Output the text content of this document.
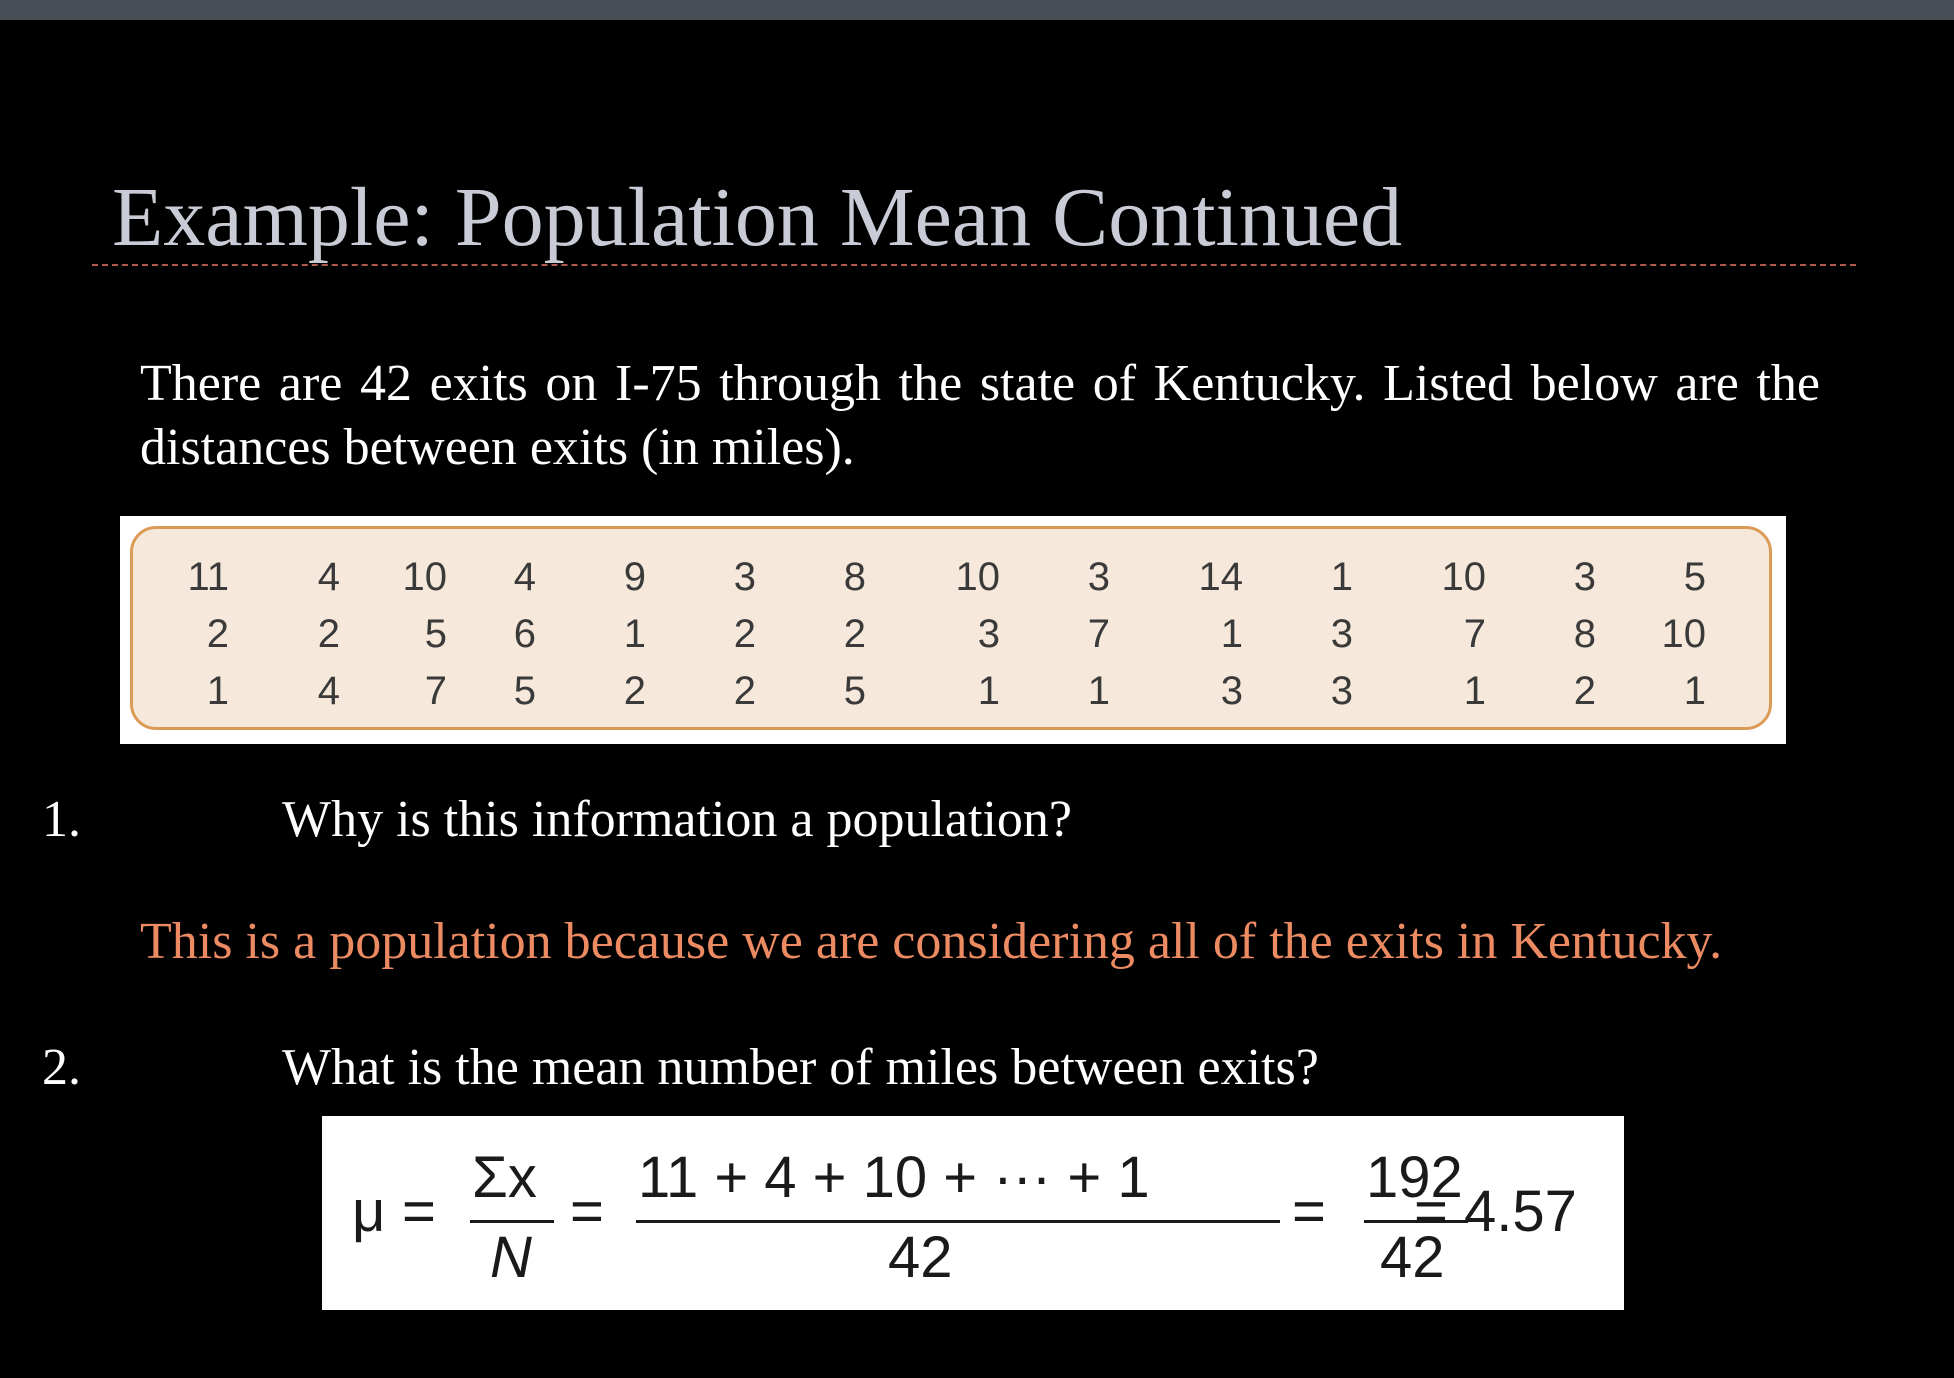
Example: Population Mean Continued
There are 42 exits on I-75 through the state of Kentucky. Listed below are the distances between exits (in miles).
11
2
1
4
2
4
10
5
7
4
6
5
9
1
2
3
2
2
8
2
5
10
3
1
3
7
1
14
1
3
1
3
3
10
7
1
3
8
2
5
10
1
1.	Why is this information a population?
This is a population because we are considering all of the exits in Kentucky.
2.	What is the mean number of miles between exits?
μ =
Σx
N
=
11 + 4 + 10 + ··· + 1
42
=
192
42
= 4.57
